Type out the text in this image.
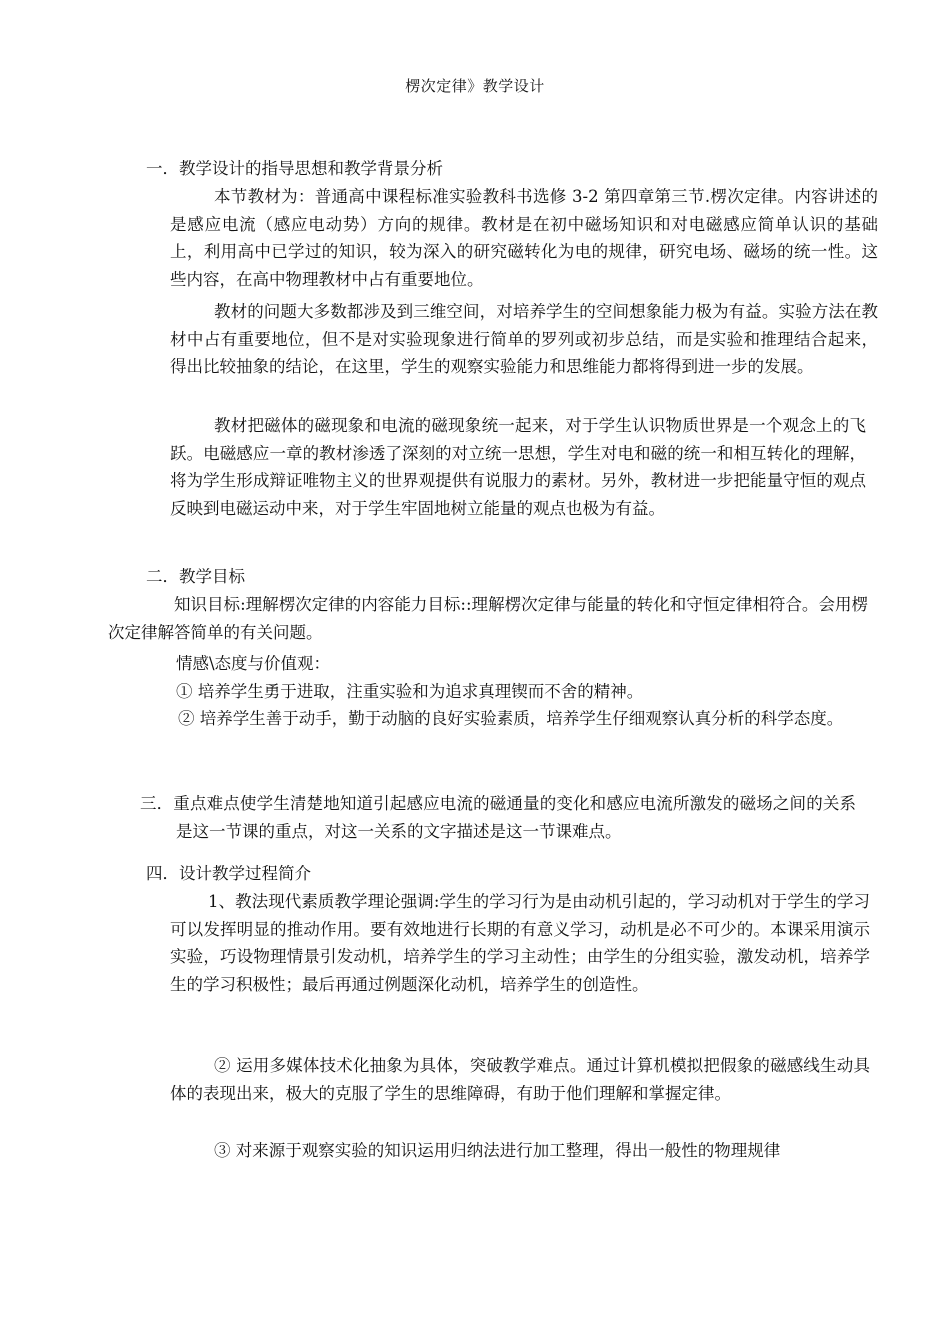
楞次定律》教学设计
一．教学设计的指导思想和教学背景分析
本节教材为：普通高中课程标准实验教科书选修 3-2 第四章第三节.楞次定律。内容讲述的是感应电流（感应电动势）方向的规律。教材是在初中磁场知识和对电磁感应简单认识的基础上，利用高中已学过的知识，较为深入的研究磁转化为电的规律，研究电场、磁场的统一性。这些内容，在高中物理教材中占有重要地位。
教材的问题大多数都涉及到三维空间，对培养学生的空间想象能力极为有益。实验方法在教材中占有重要地位，但不是对实验现象进行简单的罗列或初步总结，而是实验和推理结合起来，得出比较抽象的结论，在这里，学生的观察实验能力和思维能力都将得到进一步的发展。
教材把磁体的磁现象和电流的磁现象统一起来，对于学生认识物质世界是一个观念上的飞跃。电磁感应一章的教材渗透了深刻的对立统一思想，学生对电和磁的统一和相互转化的理解，将为学生形成辩证唯物主义的世界观提供有说服力的素材。另外，教材进一步把能量守恒的观点反映到电磁运动中来，对于学生牢固地树立能量的观点也极为有益。
二．教学目标
知识目标:理解楞次定律的内容能力目标::理解楞次定律与能量的转化和守恒定律相符合。会用楞次定律解答简单的有关问题。
情感\态度与价值观：
① 培养学生勇于进取，注重实验和为追求真理锲而不舍的精神。
② 培养学生善于动手，勤于动脑的良好实验素质，培养学生仔细观察认真分析的科学态度。
三．重点难点使学生清楚地知道引起感应电流的磁通量的变化和感应电流所激发的磁场之间的关系是这一节课的重点，对这一关系的文字描述是这一节课难点。
四．设计教学过程简介
1、教法现代素质教学理论强调:学生的学习行为是由动机引起的，学习动机对于学生的学习可以发挥明显的推动作用。要有效地进行长期的有意义学习，动机是必不可少的。本课采用演示实验，巧设物理情景引发动机，培养学生的学习主动性；由学生的分组实验，激发动机，培养学生的学习积极性；最后再通过例题深化动机，培养学生的创造性。
② 运用多媒体技术化抽象为具体，突破教学难点。通过计算机模拟把假象的磁感线生动具体的表现出来，极大的克服了学生的思维障碍，有助于他们理解和掌握定律。
③ 对来源于观察实验的知识运用归纳法进行加工整理，得出一般性的物理规律
